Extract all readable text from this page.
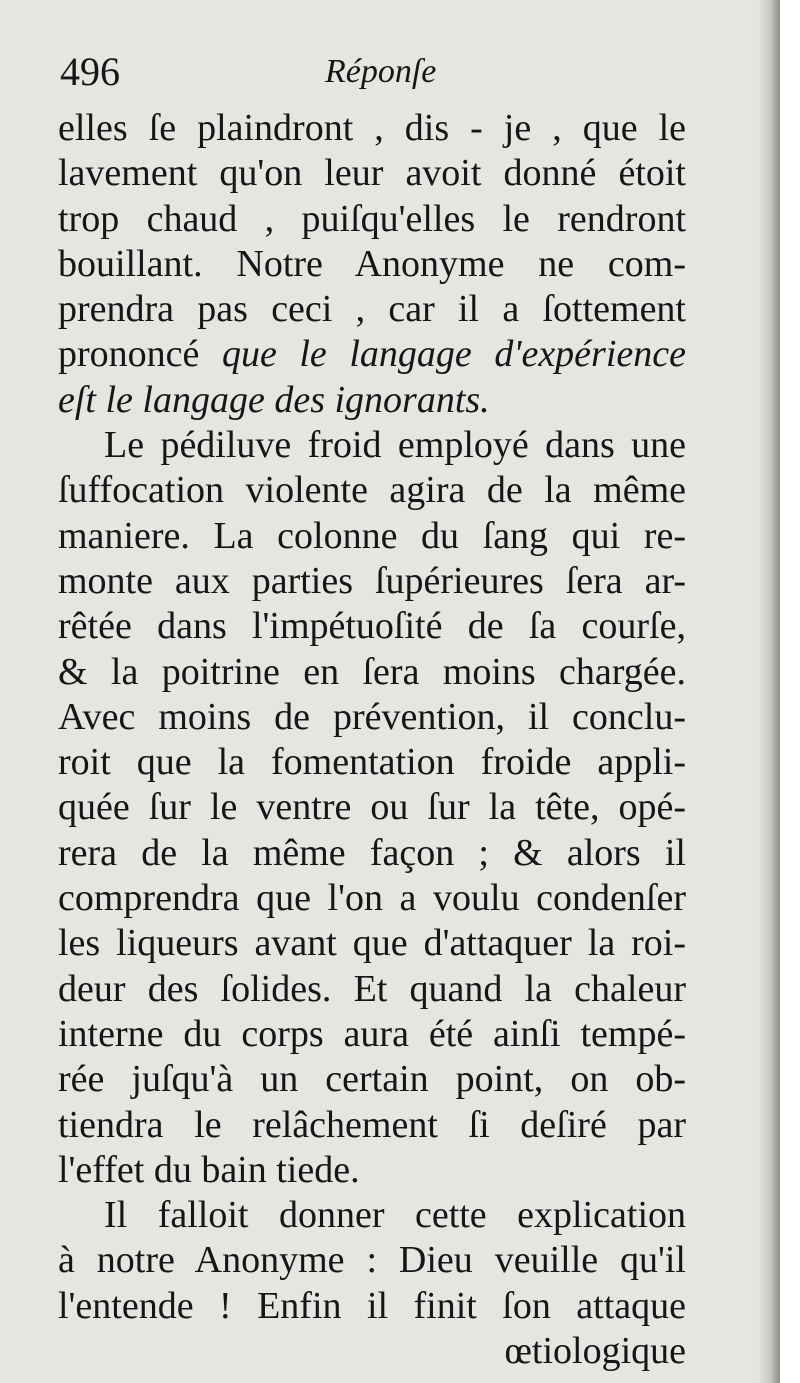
496	Réponſe
elles ſe plaindront , dis - je , que le
lavement qu'on leur avoit donné étoit
trop chaud , puiſqu'elles le rendront
bouillant. Notre Anonyme ne com-
prendra pas ceci , car il a ſottement
prononcé que le langage d'expérience
eſt le langage des ignorants.
Le pédiluve froid employé dans une
ſuffocation violente agira de la même
maniere. La colonne du ſang qui re-
monte aux parties ſupérieures ſera ar-
rêtée dans l'impétuoſité de ſa courſe,
& la poitrine en ſera moins chargée.
Avec moins de prévention, il conclu-
roit que la fomentation froide appli-
quée ſur le ventre ou ſur la tête, opé-
rera de la même façon ; & alors il
comprendra que l'on a voulu condenſer
les liqueurs avant que d'attaquer la roi-
deur des ſolides. Et quand la chaleur
interne du corps aura été ainſi tempé-
rée juſqu'à un certain point, on ob-
tiendra le relâchement ſi deſiré par
l'effet du bain tiede.
Il falloit donner cette explication
à notre Anonyme : Dieu veuille qu'il
l'entende ! Enfin il finit ſon attaque
œtiologique
